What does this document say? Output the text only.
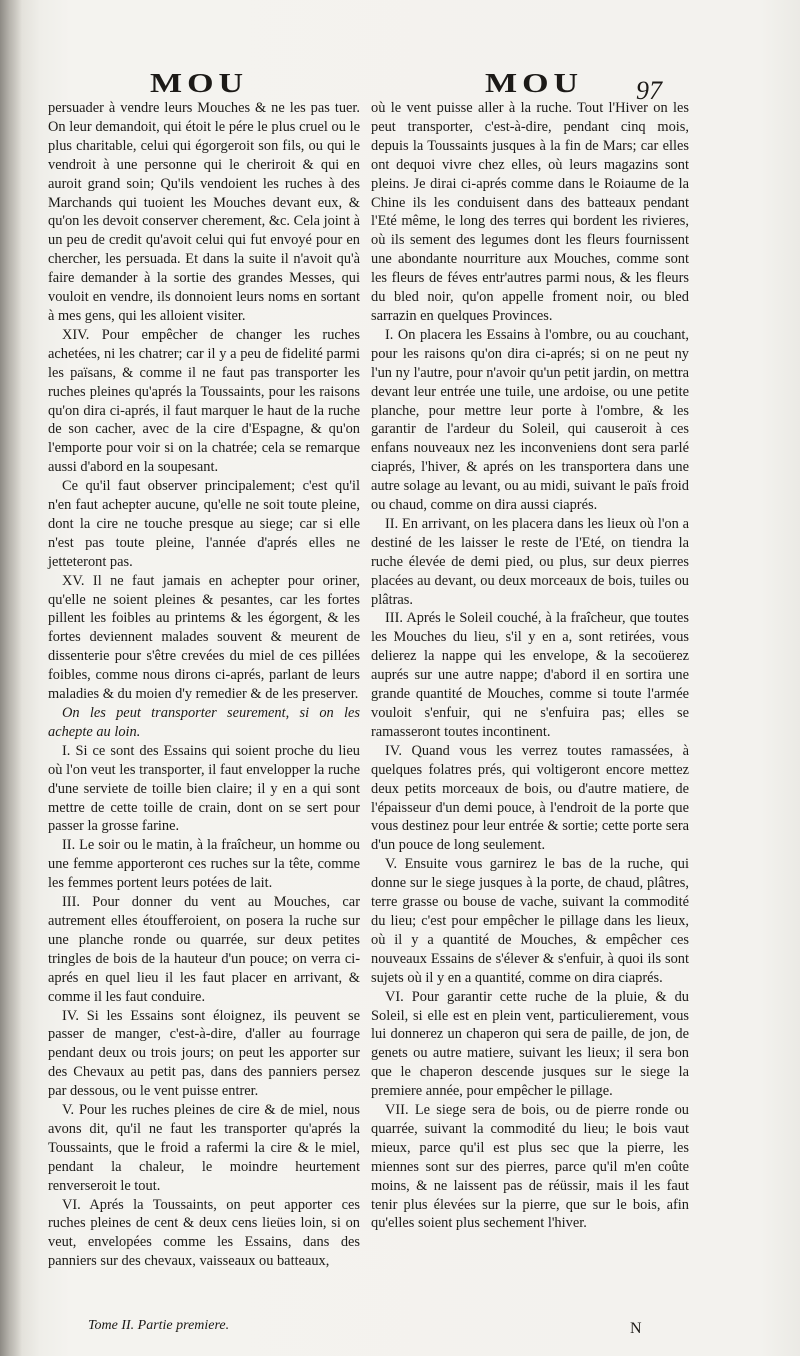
MOU	MOU 97

persuader à vendre leurs Mouches & ne les pas tuer. On leur demandoit, qui étoit le pére le plus cruel ou le plus charitable, celui qui égorgeroit son fils, ou qui le vendroit à une personne qui le cheriroit & qui en auroit grand soin; Qu'ils vendoient les ruches à des Marchands qui tuoient les Mouches devant eux, & qu'on les devoit conserver cherement, &c. Cela joint à un peu de credit qu'avoit celui qui fut envoyé pour en chercher, les persuada. Et dans la suite il n'avoit qu'à faire demander à la sortie des grandes Messes, qui vouloit en vendre, ils donnoient leurs noms en sortant à mes gens, qui les alloient visiter.

XIV. Pour empêcher de changer les ruches achetées, ni les chatrer; car il y a peu de fidelité parmi les païsans, & comme il ne faut pas transporter les ruches pleines qu'aprés la Toussaints, pour les raisons qu'on dira ci-aprés, il faut marquer le haut de la ruche de son cacher, avec de la cire d'Espagne, & qu'on l'emporte pour voir si on la chatrée; cela se remarque aussi d'abord en la soupesant.

Ce qu'il faut observer principalement; c'est qu'il n'en faut achepter aucune, qu'elle ne soit toute pleine, dont la cire ne touche presque au siege; car si elle n'est pas toute pleine, l'année d'aprés elles ne jetteteront pas.

XV. Il ne faut jamais en achepter pour oriner, qu'elle ne soient pleines & pesantes, car les fortes pillent les foibles au printems & les égorgent, & les fortes deviennent malades souvent & meurent de dissenterie pour s'être crevées du miel de ces pillées foibles, comme nous dirons ci-aprés, parlant de leurs maladies & du moien d'y remedier & de les preserver.

On les peut transporter seurement, si on les achepte au loin.

I. Si ce sont des Essains qui soient proche du lieu où l'on veut les transporter, il faut envelopper la ruche d'une serviete de toille bien claire; il y en a qui sont mettre de cette toille de crain, dont on se sert pour passer la grosse farine.

II. Le soir ou le matin, à la fraîcheur, un homme ou une femme apporteront ces ruches sur la tête, comme les femmes portent leurs potées de lait.

III. Pour donner du vent au Mouches, car autrement elles étoufferoient, on posera la ruche sur une planche ronde ou quarrée, sur deux petites tringles de bois de la hauteur d'un pouce; on verra ci-aprés en quel lieu il les faut placer en arrivant, & comme il les faut conduire.

IV. Si les Essains sont éloignez, ils peuvent se passer de manger, c'est-à-dire, d'aller au fourrage pendant deux ou trois jours; on peut les apporter sur des Chevaux au petit pas, dans des panniers persez par dessous, ou le vent puisse entrer.

V. Pour les ruches pleines de cire & de miel, nous avons dit, qu'il ne faut les transporter qu'aprés la Toussaints, que le froid a rafermi la cire & le miel, pendant la chaleur, le moindre heurtement renverseroit le tout.

VI. Aprés la Toussaints, on peut apporter ces ruches pleines de cent & deux cens lieües loin, si on veut, envelopées comme les Essains, dans des panniers sur des chevaux, vaisseaux ou batteaux,

où le vent puisse aller à la ruche. Tout l'Hiver on les peut transporter, c'est-à-dire, pendant cinq mois, depuis la Toussaints jusques à la fin de Mars; car elles ont dequoi vivre chez elles, où leurs magazins sont pleins. Je dirai ci-aprés comme dans le Roiaume de la Chine ils les conduisent dans des batteaux pendant l'Eté même, le long des terres qui bordent les rivieres, où ils sement des legumes dont les fleurs fournissent une abondante nourriture aux Mouches, comme sont les fleurs de féves entr'autres parmi nous, & les fleurs du bled noir, qu'on appelle froment noir, ou bled sarrazin en quelques Provinces.

I. On placera les Essains à l'ombre, ou au couchant, pour les raisons qu'on dira ci-aprés; si on ne peut ny l'un ny l'autre, pour n'avoir qu'un petit jardin, on mettra devant leur entrée une tuile, une ardoise, ou une petite planche, pour mettre leur porte à l'ombre, & les garantir de l'ardeur du Soleil, qui causeroit à ces enfans nouveaux nez les inconveniens dont sera parlé ciaprés, l'hiver, & aprés on les transportera dans une autre solage au levant, ou au midi, suivant le païs froid ou chaud, comme on dira aussi ciaprés.

II. En arrivant, on les placera dans les lieux où l'on a destiné de les laisser le reste de l'Eté, on tiendra la ruche élevée de demi pied, ou plus, sur deux pierres placées au devant, ou deux morceaux de bois, tuiles ou plâtras.

III. Aprés le Soleil couché, à la fraîcheur, que toutes les Mouches du lieu, s'il y en a, sont retirées, vous delierez la nappe qui les envelope, & la secoüerez auprés sur une autre nappe; d'abord il en sortira une grande quantité de Mouches, comme si toute l'armée vouloit s'enfuir, qui ne s'enfuira pas; elles se ramasseront toutes incontinent.

IV. Quand vous les verrez toutes ramassées, à quelques folatres prés, qui voltigeront encore mettez deux petits morceaux de bois, ou d'autre matiere, de l'épaisseur d'un demi pouce, à l'endroit de la porte que vous destinez pour leur entrée & sortie; cette porte sera d'un pouce de long seulement.

V. Ensuite vous garnirez le bas de la ruche, qui donne sur le siege jusques à la porte, de chaud, plâtres, terre grasse ou bouse de vache, suivant la commodité du lieu; c'est pour empêcher le pillage dans les lieux, où il y a quantité de Mouches, & empêcher ces nouveaux Essains de s'élever & s'enfuir, à quoi ils sont sujets où il y en a quantité, comme on dira ciaprés.

VI. Pour garantir cette ruche de la pluie, & du Soleil, si elle est en plein vent, particulierement, vous lui donnerez un chaperon qui sera de paille, de jon, de genets ou autre matiere, suivant les lieux; il sera bon que le chaperon descende jusques sur le siege la premiere année, pour empêcher le pillage.

VII. Le siege sera de bois, ou de pierre ronde ou quarrée, suivant la commodité du lieu; le bois vaut mieux, parce qu'il est plus sec que la pierre, les miennes sont sur des pierres, parce qu'il m'en coûte moins, & ne laissent pas de réüssir, mais il les faut tenir plus élevées sur la pierre, que sur le bois, afin qu'elles soient plus sechement l'hiver.

Tome II. Partie premiere.	N
